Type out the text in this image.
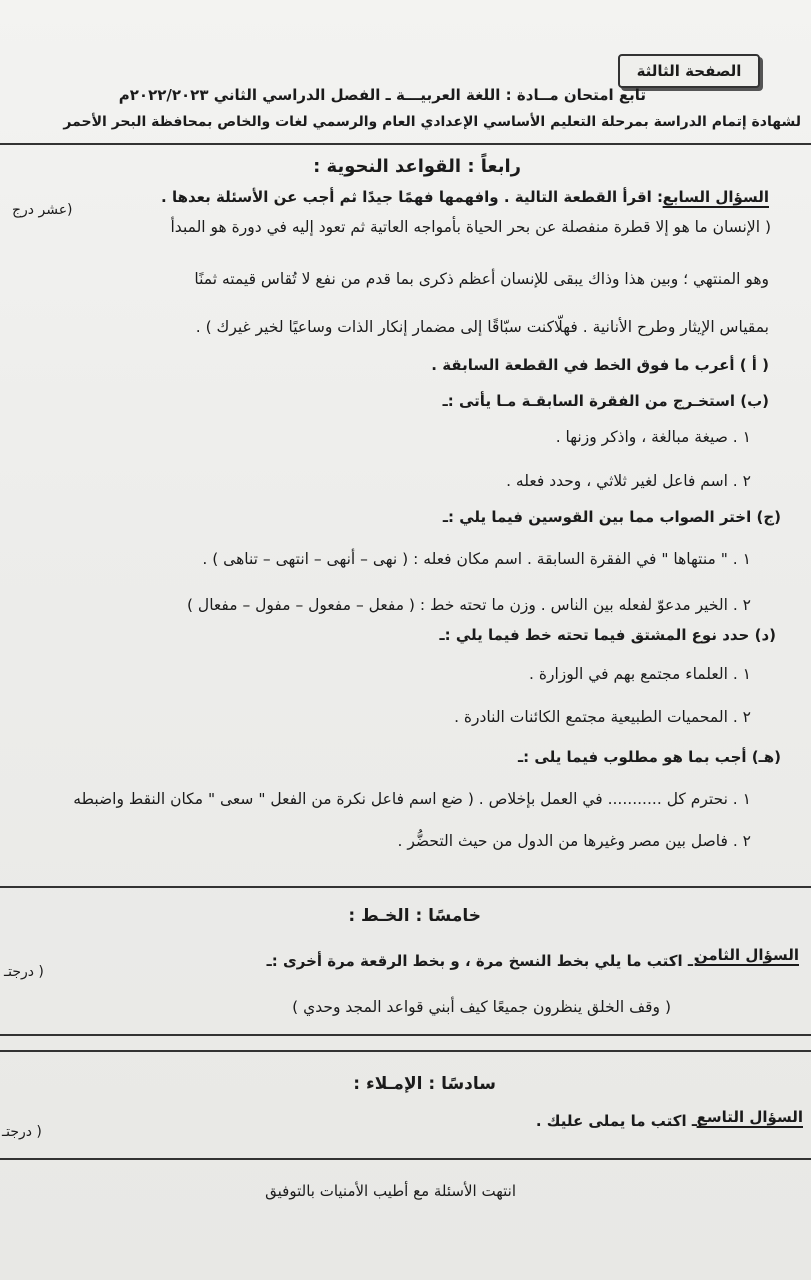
الصفحة الثالثة
تابع امتحان مــادة : اللغة العربيـــة ـ الفصل الدراسي الثاني ٢٠٢٢/٢٠٢٣م
لشهادة إتمام الدراسة بمرحلة التعليم الأساسي الإعدادي العام والرسمي لغات والخاص بمحافظة البحر الأحمر
رابعاً : القواعد النحوية :
السؤال السابع
: اقرأ القطعة التالية . وافهمها فهمًا جيدًا ثم أجب عن الأسئلة بعدها .
(عشر درج
( الإنسان ما هو إلا قطرة منفصلة عن بحر الحياة بأمواجه العاتية ثم تعود إليه في دورة هو المبدأ
وهو المنتهي ؛ وبين هذا وذاك يبقى للإنسان أعظم ذكرى بما قدم من نفع لا تُقاس قيمته ثمنًا
بمقياس الإيثار وطرح الأنانية . فهلّاكنت سبّاقًا إلى مضمار إنكار الذات وساعيًا لخير غيرك ) .
( أ ) أعرب ما فوق الخط في القطعة السابقة .
(ب) استخـرج من الفقرة السابقـة مـا يأتى :ـ
١ . صيغة مبالغة ، واذكر وزنها .
٢ . اسم فاعل لغير ثلاثي ، وحدد فعله .
(ج) اختر الصواب مما بين القوسين فيما يلي :ـ
١ . " منتهاها " في الفقرة السابقة . اسم مكان فعله : ( نهى – أنهى – انتهى – تناهى ) .
٢ . الخير مدعوّ لفعله بين الناس . وزن ما تحته خط : ( مفعل – مفعول – مفول – مفعال )
(د) حدد نوع المشتق فيما تحته خط فيما يلي :ـ
١ . العلماء مجتمع بهم في الوزارة .
٢ . المحميات الطبيعية مجتمع الكائنات النادرة .
(هـ) أجب بما هو مطلوب فيما يلى :ـ
١ . نحترم كل ........... في العمل بإخلاص . ( ضع اسم فاعل نكرة من الفعل " سعى " مكان النقط واضبطه
٢ . فاصل بين مصر وغيرها من الدول من حيث التحضُّر .
خامسًا : الخـط :
السؤال الثامن
:ـ اكتب ما يلي بخط النسخ مرة ، و بخط الرقعة مرة أخرى :ـ
( درجتـ
( وقف الخلق ينظرون جميعًا كيف أبني قواعد المجد وحدي )
سادسًا : الإمـلاء :
السؤال التاسع
:ـ اكتب ما يملى عليك .
( درجتـ
انتهت الأسئلة مع أطيب الأمنيات بالتوفيق
